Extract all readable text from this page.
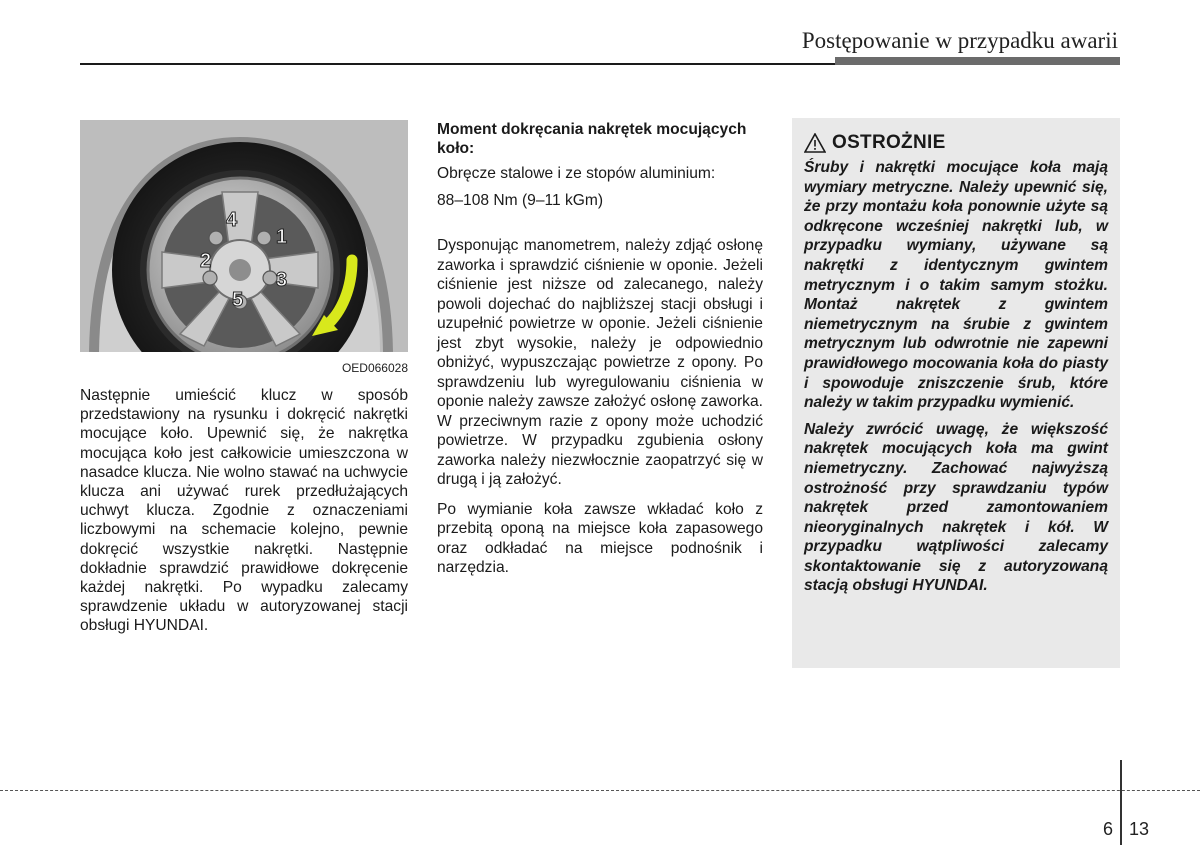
Postępowanie w przypadku awarii
1
2
3
4
5
OED066028

Następnie umieścić klucz w sposób przedstawiony na rysunku i dokręcić nakrętki mocujące koło. Upewnić się, że nakrętka mocująca koło jest całkowicie umieszczona w nasadce klucza. Nie wolno stawać na uchwycie klucza ani używać rurek przedłużających uchwyt klucza. Zgodnie z oznaczeniami liczbowymi na schemacie kolejno, pewnie dokręcić wszystkie nakrętki. Następnie dokładnie sprawdzić prawidłowe dokręcenie każdej nakrętki. Po wypadku zalecamy sprawdzenie układu w autoryzowanej stacji obsługi HYUNDAI.

Moment dokręcania nakrętek mocujących koło:

Obręcze stalowe i ze stopów aluminium:

88–108 Nm (9–11 kGm)

Dysponując manometrem, należy zdjąć osłonę zaworka i sprawdzić ciśnienie w oponie. Jeżeli ciśnienie jest niższe od zalecanego, należy powoli dojechać do najbliższej stacji obsługi i uzupełnić powietrze w oponie. Jeżeli ciśnienie jest zbyt wysokie, należy je odpowiednio obniżyć, wypuszczając powietrze z opony. Po sprawdzeniu lub wyregulowaniu ciśnienia w oponie należy zawsze założyć osłonę zaworka. W przeciwnym razie z opony może uchodzić powietrze. W przypadku zgubienia osłony zaworka należy niezwłocznie zaopatrzyć się w drugą i ją założyć.

Po wymianie koła zawsze wkładać koło z przebitą oponą na miejsce koła zapasowego oraz odkładać na miejsce podnośnik i narzędzia.

OSTROŻNIE

Śruby i nakrętki mocujące koła mają wymiary metryczne. Należy upewnić się, że przy montażu koła ponownie użyte są odkręcone wcześniej nakrętki lub, w przypadku wymiany, używane są nakrętki z identycznym gwintem metrycznym i o takim samym stożku. Montaż nakrętek z gwintem niemetrycznym na śrubie z gwintem metrycznym lub odwrotnie nie zapewni prawidłowego mocowania koła do piasty i spowoduje zniszczenie śrub, które należy w takim przypadku wymienić.

Należy zwrócić uwagę, że większość nakrętek mocujących koła ma gwint niemetryczny. Zachować najwyższą ostrożność przy sprawdzaniu typów nakrętek przed zamontowaniem nieoryginalnych nakrętek i kół. W przypadku wątpliwości zalecamy skontaktowanie się z autoryzowaną stacją obsługi HYUNDAI.

6 13
